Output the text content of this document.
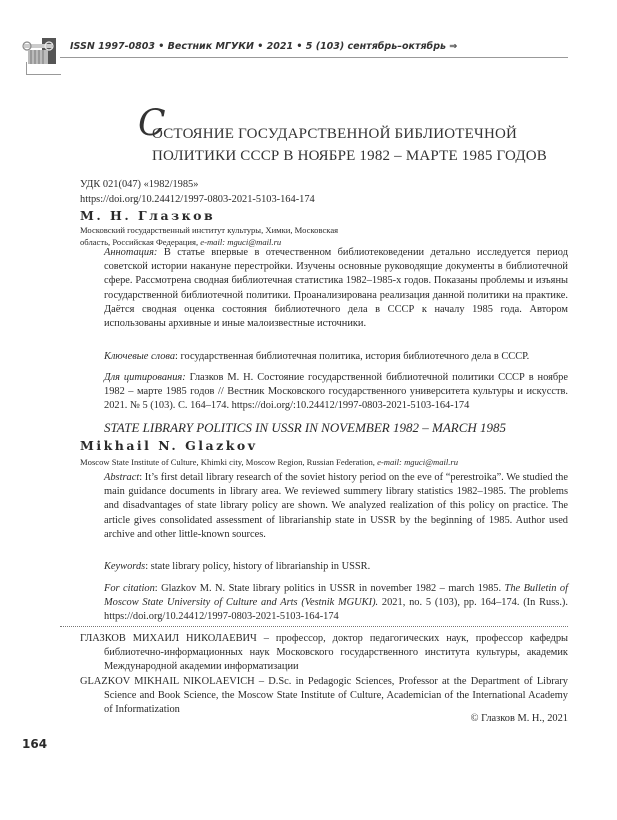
ISSN 1997-0803 • Вестник МГУКИ • 2021 • 5 (103) сентябрь–октябрь ⇒
С
ОСТОЯНИЕ ГОСУДАРСТВЕННОЙ БИБЛИОТЕЧНОЙ
ПОЛИТИКИ СССР В НОЯБРЕ 1982 – МАРТЕ 1985 ГОДОВ
УДК 021(047) «1982/1985»
https://doi.org/10.24412/1997-0803-2021-5103-164-174
М. Н. Глазков
Московский государственный институт культуры, Химки, Московская область, Российская Федерация, e-mail: mguci@mail.ru
Аннотация: В статье впервые в отечественном библиотековедении детально исследуется период советской истории накануне перестройки. Изучены основные руководящие документы в библиотечной сфере. Рассмотрена сводная библиотечная статистика 1982–1985-х годов. Показаны проблемы и изъяны государственной библиотечной политики. Проанализирована реализация данной политики на практике. Даётся сводная оценка состояния библиотечного дела в СССР к началу 1985 года. Автором использованы архивные и иные малоизвестные источники.
Ключевые слова: государственная библиотечная политика, история библиотечного дела в СССР.
Для цитирования: Глазков М. Н. Состояние государственной библиотечной политики СССР в ноябре 1982 – марте 1985 годов // Вестник Московского государственного университета культуры и искусств. 2021. № 5 (103). С. 164–174. https://doi.org/:10.24412/1997-0803-2021-5103-164-174
STATE LIBRARY POLITICS IN USSR IN NOVEMBER 1982 – MARCH 1985
Mikhail N. Glazkov
Moscow State Institute of Culture, Khimki city, Moscow Region, Russian Federation, e-mail: mguci@mail.ru
Abstract: It’s first detail library research of the soviet history period on the eve of “perestroika”. We studied the main guidance documents in library area. We reviewed summery library statistics 1982–1985. The problems and disadvantages of state library policy are shown. We analyzed realization of this policy on practice. The article gives consolidated assessment of librarianship state in USSR by the beginning of 1985. Author used archive and other little-known sources.
Keywords: state library policy, history of librarianship in USSR.
For citation: Glazkov M. N. State library politics in USSR in november 1982 – march 1985. The Bulletin of Moscow State University of Culture and Arts (Vestnik MGUKI). 2021, no. 5 (103), pp. 164–174. (In Russ.). https://doi.org/10.24412/1997-0803-2021-5103-164-174
ГЛАЗКОВ МИХАИЛ НИКОЛАЕВИЧ – профессор, доктор педагогических наук, профессор кафедры библиотечно-информационных наук Московского государственного института культуры, академик Международной академии информатизации
GLAZKOV MIKHAIL NIKOLAEVICH – D.Sc. in Pedagogic Sciences, Professor at the Department of Library Science and Book Science, the Moscow State Institute of Culture, Academician of the International Academy of Informatization
© Глазков М. Н., 2021
164
